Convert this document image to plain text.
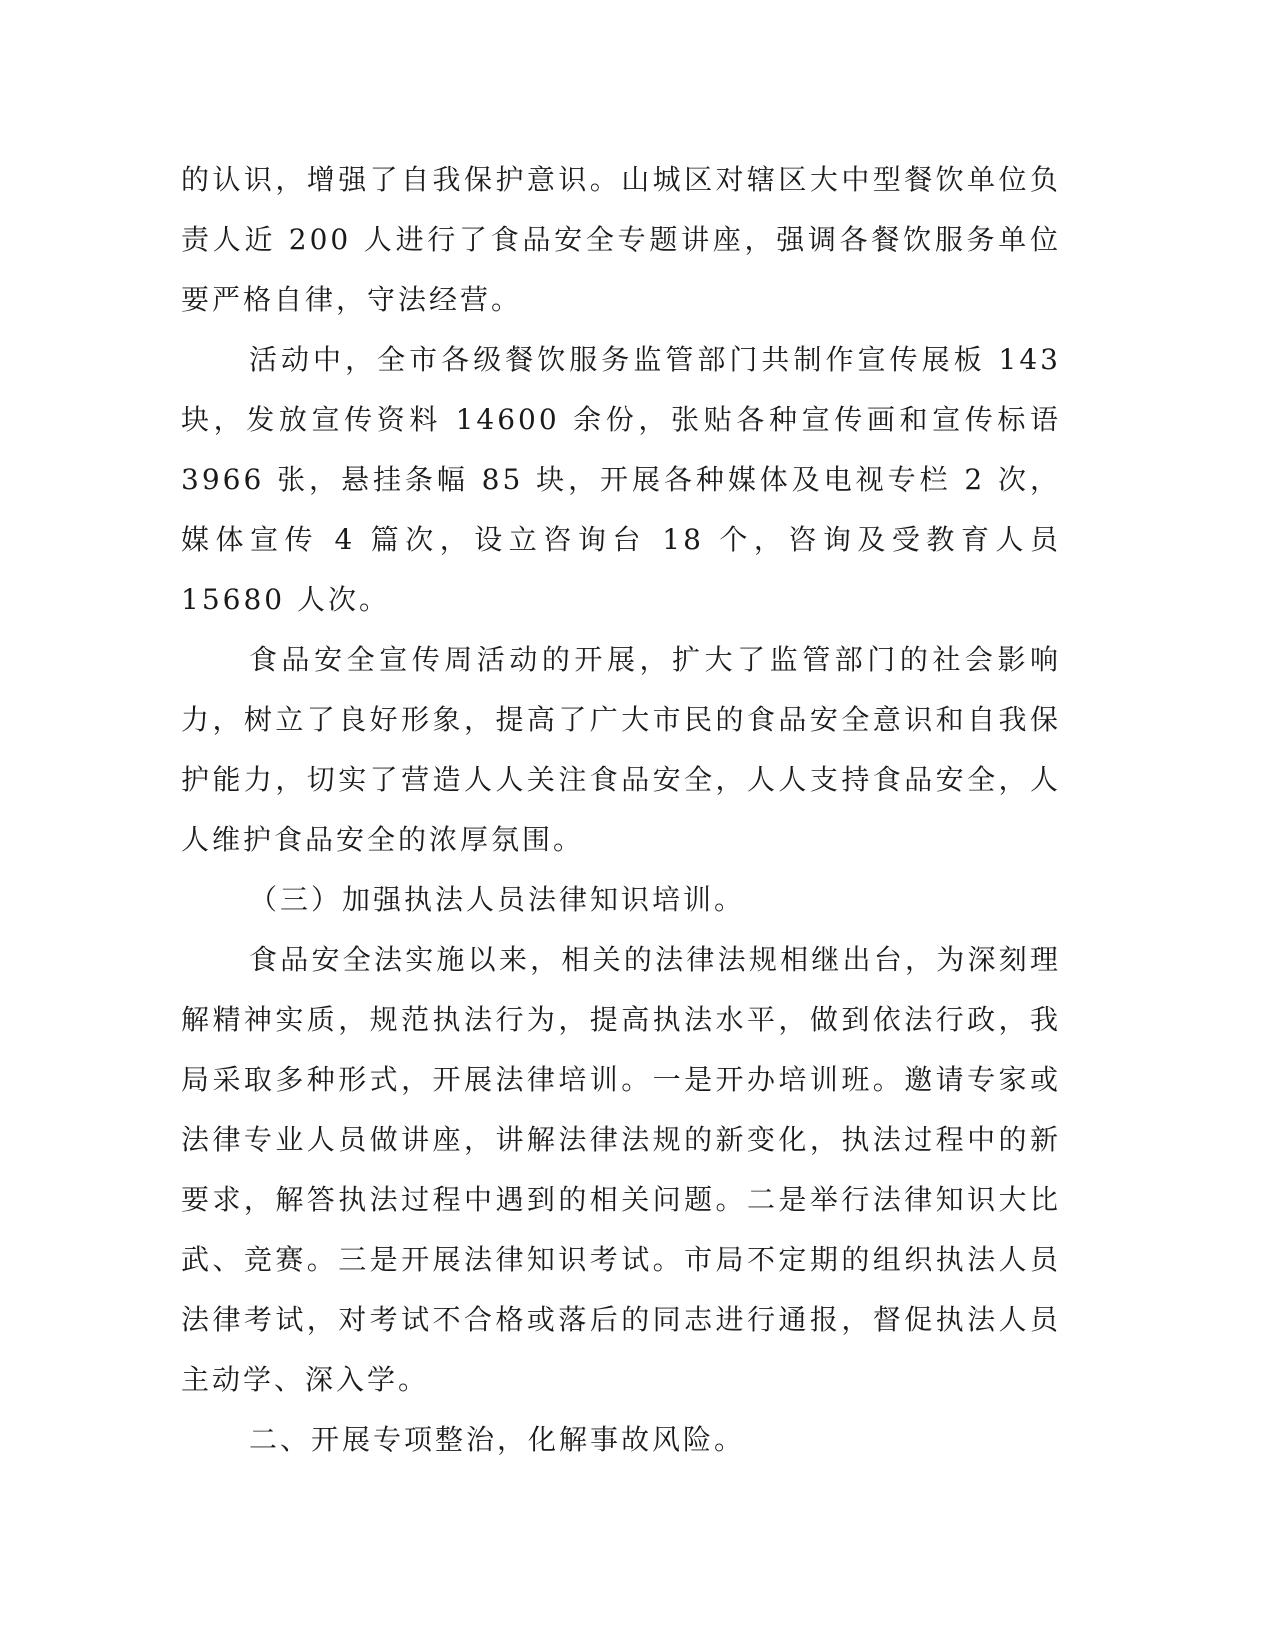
的认识，增强了自我保护意识。山城区对辖区大中型餐饮单位负责人近 200 人进行了食品安全专题讲座，强调各餐饮服务单位要严格自律，守法经营。

活动中，全市各级餐饮服务监管部门共制作宣传展板 143 块，发放宣传资料 14600 余份，张贴各种宣传画和宣传标语 3966 张，悬挂条幅 85 块，开展各种媒体及电视专栏 2 次，媒体宣传 4 篇次，设立咨询台 18 个，咨询及受教育人员 15680 人次。

食品安全宣传周活动的开展，扩大了监管部门的社会影响力，树立了良好形象，提高了广大市民的食品安全意识和自我保护能力，切实了营造人人关注食品安全，人人支持食品安全，人人维护食品安全的浓厚氛围。

（三）加强执法人员法律知识培训。

食品安全法实施以来，相关的法律法规相继出台，为深刻理解精神实质，规范执法行为，提高执法水平，做到依法行政，我局采取多种形式，开展法律培训。一是开办培训班。邀请专家或法律专业人员做讲座，讲解法律法规的新变化，执法过程中的新要求，解答执法过程中遇到的相关问题。二是举行法律知识大比武、竞赛。三是开展法律知识考试。市局不定期的组织执法人员法律考试，对考试不合格或落后的同志进行通报，督促执法人员主动学、深入学。

二、开展专项整治，化解事故风险。
